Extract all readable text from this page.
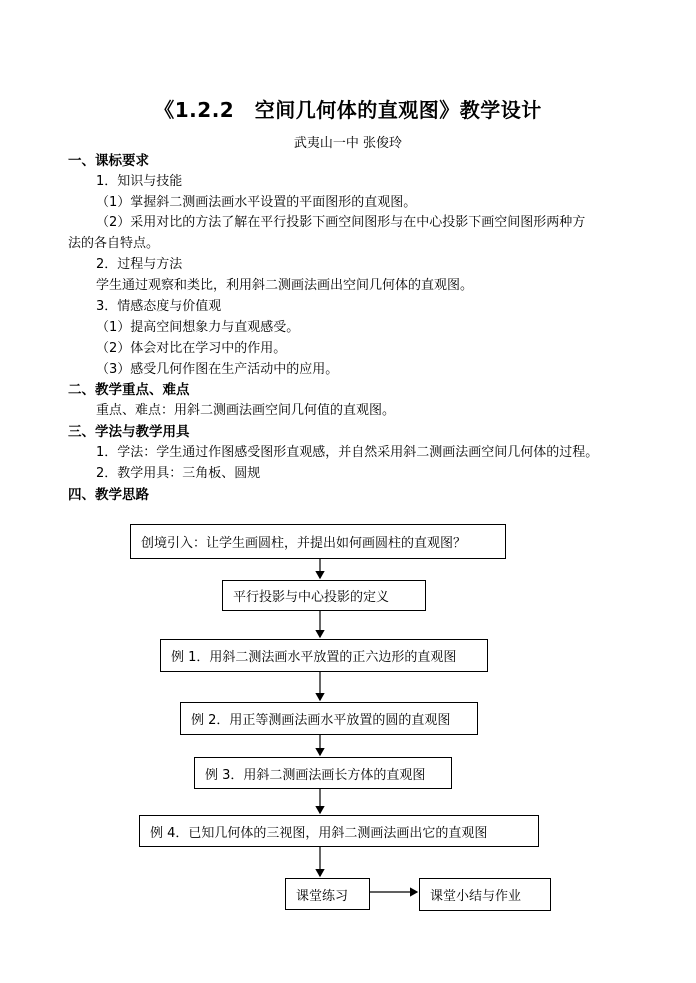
《1.2.2　空间几何体的直观图》教学设计
武夷山一中 张俊玲
一、课标要求
1．知识与技能
（1）掌握斜二测画法画水平设置的平面图形的直观图。
（2）采用对比的方法了解在平行投影下画空间图形与在中心投影下画空间图形两种方
法的各自特点。
2．过程与方法
学生通过观察和类比，利用斜二测画法画出空间几何体的直观图。
3．情感态度与价值观
（1）提高空间想象力与直观感受。
（2）体会对比在学习中的作用。
（3）感受几何作图在生产活动中的应用。
二、教学重点、难点
重点、难点：用斜二测画法画空间几何值的直观图。
三、学法与教学用具
1．学法：学生通过作图感受图形直观感，并自然采用斜二测画法画空间几何体的过程。
2．教学用具：三角板、圆规
四、教学思路
创境引入：让学生画圆柱，并提出如何画圆柱的直观图？
平行投影与中心投影的定义
例 1．用斜二测法画水平放置的正六边形的直观图
例 2．用正等测画法画水平放置的圆的直观图
例 3．用斜二测画法画长方体的直观图
例 4．已知几何体的三视图，用斜二测画法画出它的直观图
课堂练习	课堂小结与作业
